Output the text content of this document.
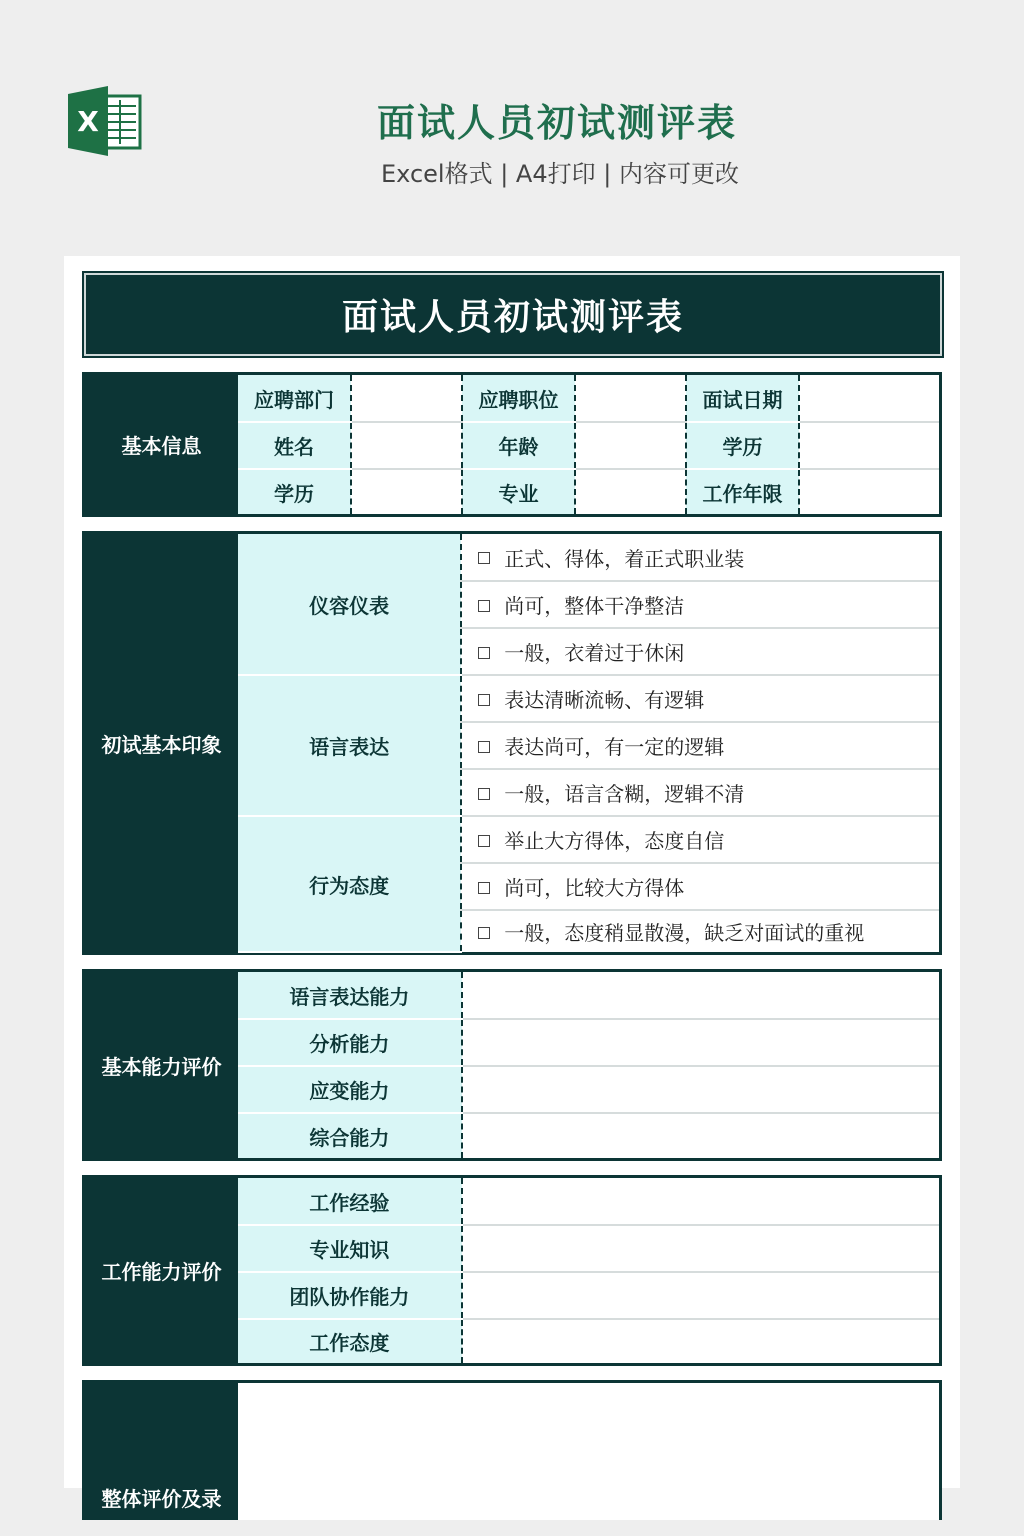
X	面试人员初试测评表
Excel格式 | A4打印 | 内容可更改
面试人员初试测评表
基本信息
应聘部门		应聘职位		面试日期	
姓名		年龄		学历	
学历		专业		工作年限	
初试基本印象
仪容仪表	正式、得体，着正式职业装
	尚可，整体干净整洁
	一般，衣着过于休闲
语言表达	表达清晰流畅、有逻辑
	表达尚可，有一定的逻辑
	一般，语言含糊，逻辑不清
行为态度	举止大方得体，态度自信
	尚可，比较大方得体
	一般，态度稍显散漫，缺乏对面试的重视
基本能力评价
语言表达能力	
分析能力	
应变能力	
综合能力	
工作能力评价
工作经验	
专业知识	
团队协作能力	
工作态度	
整体评价及录
